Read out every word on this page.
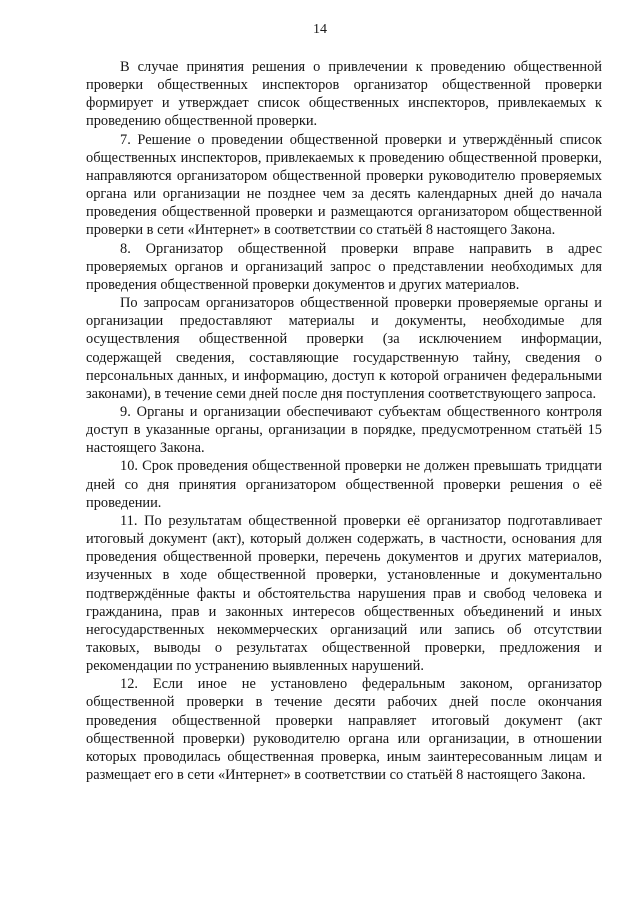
14

В случае принятия решения о привлечении к проведению общественной проверки общественных инспекторов организатор общественной проверки формирует и утверждает список общественных инспекторов, привлекаемых к проведению общественной проверки.

7. Решение о проведении общественной проверки и утверждённый список общественных инспекторов, привлекаемых к проведению общественной проверки, направляются организатором общественной проверки руководителю проверяемых органа или организации не позднее чем за десять календарных дней до начала проведения общественной проверки и размещаются организатором общественной проверки в сети «Интернет» в соответствии со статьёй 8 настоящего Закона.

8. Организатор общественной проверки вправе направить в адрес проверяемых органов и организаций запрос о представлении необходимых для проведения общественной проверки документов и других материалов.

По запросам организаторов общественной проверки проверяемые органы и организации предоставляют материалы и документы, необходимые для осуществления общественной проверки (за исключением информации, содержащей сведения, составляющие государственную тайну, сведения о персональных данных, и информацию, доступ к которой ограничен федеральными законами), в течение семи дней после дня поступления соответствующего запроса.

9. Органы и организации обеспечивают субъектам общественного контроля доступ в указанные органы, организации в порядке, предусмотренном статьёй 15 настоящего Закона.

10. Срок проведения общественной проверки не должен превышать тридцати дней со дня принятия организатором общественной проверки решения о её проведении.

11. По результатам общественной проверки её организатор подготавливает итоговый документ (акт), который должен содержать, в частности, основания для проведения общественной проверки, перечень документов и других материалов, изученных в ходе общественной проверки, установленные и документально подтверждённые факты и обстоятельства нарушения прав и свобод человека и гражданина, прав и законных интересов общественных объединений и иных негосударственных некоммерческих организаций или запись об отсутствии таковых, выводы о результатах общественной проверки, предложения и рекомендации по устранению выявленных нарушений.

12. Если иное не установлено федеральным законом, организатор общественной проверки в течение десяти рабочих дней после окончания проведения общественной проверки направляет итоговый документ (акт общественной проверки) руководителю органа или организации, в отношении которых проводилась общественная проверка, иным заинтересованным лицам и размещает его в сети «Интернет» в соответствии со статьёй 8 настоящего Закона.
